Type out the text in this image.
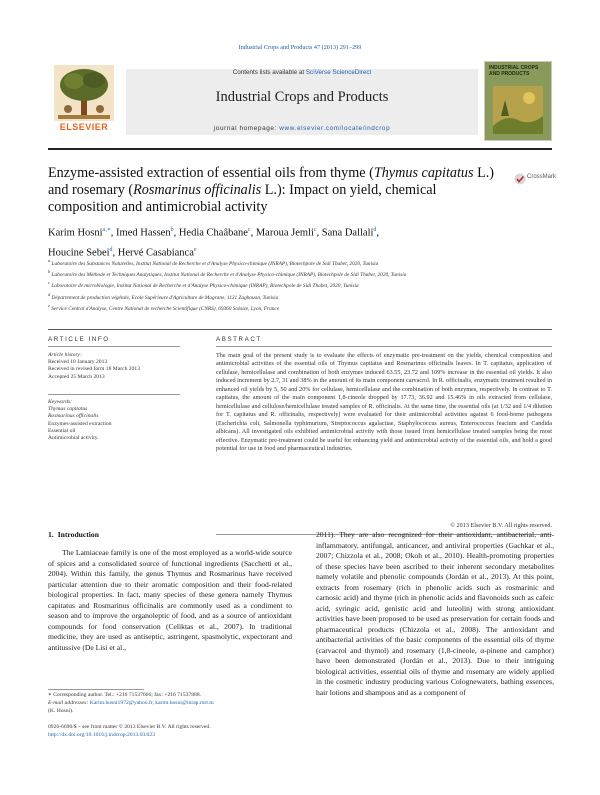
Industrial Crops and Products 47 (2013) 291–299
ELSEVIER
Contents lists available at SciVerse ScienceDirect
Industrial Crops and Products
journal homepage: www.elsevier.com/locate/indcrop
INDUSTRIAL CROPS AND PRODUCTS
Enzyme-assisted extraction of essential oils from thyme (Thymus capitatus L.) and rosemary (Rosmarinus officinalis L.): Impact on yield, chemical composition and antimicrobial activity
CrossMark
Karim Hosni$^{a,∗}$, Imed Hassen$^b$, Hedia Chaâbane$^c$, Maroua Jemli$^c$, Sana Dallali$^d$,
Houcine Sebei$^d$, Hervé Casabianca$^e$
$^a$ Laboratoire des Substances Naturelles, Institut National de Recherche et d'Analyse Physico-chimique (INRAP), Biotechpole de Sidi Thabet, 2020, Tunisia
$^b$ Laboratoire des Méthode et Techniques Analytiques, Institut National de Recherche et d'Analyse Physico-chimique (INRAP), Biotechpole de Sidi Thabet, 2020, Tunisia
$^c$ Laboratoire de microbiologie, Institut National de Recherche et d'Analyse Physico-chimique (INRAP), Biotechpole de Sidi Thabet, 2020, Tunisia
$^d$ Département de production végétale, Ecole Supérieure d'Agriculture de Mograne, 1121 Zaghouan, Tunisia
$^e$ Service Central d'Analyse, Centre National de recherche Scientifique (CNRS), 69360 Solaize, Lyon, France
ARTICLE INFO	ABSTRACT
Article history:
Received 10 January 2013
Received in revised form 18 March 2013
Accepted 25 March 2013
Keywords:
Thymus capitatus
Rosmarinus officinalis
Enzymes-assisted extraction
Essential oil
Antimicrobial activity.
The main goal of the present study is to evaluate the effects of enzymatic pre-treatment on the yields, chemical composition and antimicrobial activities of the essential oils of Thymus capitatus and Rosmarinus officinalis leaves. In T. capitatus, application of cellulase, hemicellulase and combination of both enzymes induced 63.55, 23.72 and 109% increase in the essential oil yields. It also induced increment by 2.7, 31 and 38% in the amount of its main component carvacrol. In R. officinalis, enzymatic treatment resulted in enhanced oil yields by 5, 50 and 20% for cellulase, hemicellulase and the combination of both enzymes, respectively. In contrast to T. capitatus, the amount of the main component 1,8-cineole dropped by 17.73, 36.92 and 15.46% in oils extracted from cellulase, hemicellulase and cellulose/hemicellulase treated samples of R. officinalis. At the same time, the essential oils (at 1/32 and 1/4 dilution for T. capitatus and R. officinalis, respectively) were evaluated for their antimicrobial activities against 6 food-borne pathogens (Escherichia coli, Salmonella typhimurium, Streptococcus agalactiae, Staphylococcus aureus, Enterococcus feacium and Candida albicans). All investigated oils exhibited antimicrobial activity with those issued from hemicellulase treated samples being the most effective. Enzymatic pre-treatment could be useful for enhancing yield and antimicrobial activity of the essential oils, and hold a good potential for use in food and pharmaceutical industries.
© 2013 Elsevier B.V. All rights reserved.
1. Introduction
The Lamiaceae family is one of the most employed as a world-wide source of spices and a consolidated source of functional ingredients (Sacchetti et al., 2004). Within this family, the genus Thymus and Rosmarinus have received particular attention due to their aromatic composition and their food-related biological properties. In fact, many species of these genera namely Thymus capitatus and Rosmarinus officinalis are commonly used as a condiment to season and to improve the organoleptic of food, and as a source of antioxidant compounds for food conservation (Celiktas et al., 2007). In traditional medicine, they are used as antiseptic, astringent, spasmolytic, expectorant and antitussive (De Lisi et al.,
2011). They are also recognized for their antioxidant, antibacterial, anti-inflammatory, antifungal, anticancer, and antiviral properties (Gachkar et al., 2007; Chizzola et al., 2008; Okoh et al., 2010). Health-promoting properties of these species have been ascribed to their inherent secondary metabolites namely volatile and phenolic compounds (Jordán et al., 2013). At this point, extracts from rosemary (rich in phenolic acids such as rosmarinic and carnosic acid) and thyme (rich in phenolic acids and flavonoids such as cafeic acid, syringic acid, genistic acid and luteolin) with strong antioxidant activities have been proposed to be used as preservation for certain foods and pharmaceutical products (Chizzola et al., 2008). The antioxidant and antibacterial activities of the basic components of the essential oils of thyme (carvacrol and thymol) and rosemary (1,8-cineole, α-pinene and camphor) have been demonstrated (Jordán et al., 2013). Due to their intriguing biological activities, essential oils of thyme and rosemary are widely applied in the cosmetic industry producing various Colognewaters, bathing essences, hair lotions and shampoos and as a component of
∗ Corresponding author. Tel.: +216 71537666; fax: +216 71537888.
E-mail addresses: Karim.hosni1972@yahoo.fr, karim.hosni@inrap.rnrt.tn
(K. Hosni).
0926-6690/$ – see front matter © 2013 Elsevier B.V. All rights reserved.
http://dx.doi.org/10.1016/j.indcrop.2013.03.023
